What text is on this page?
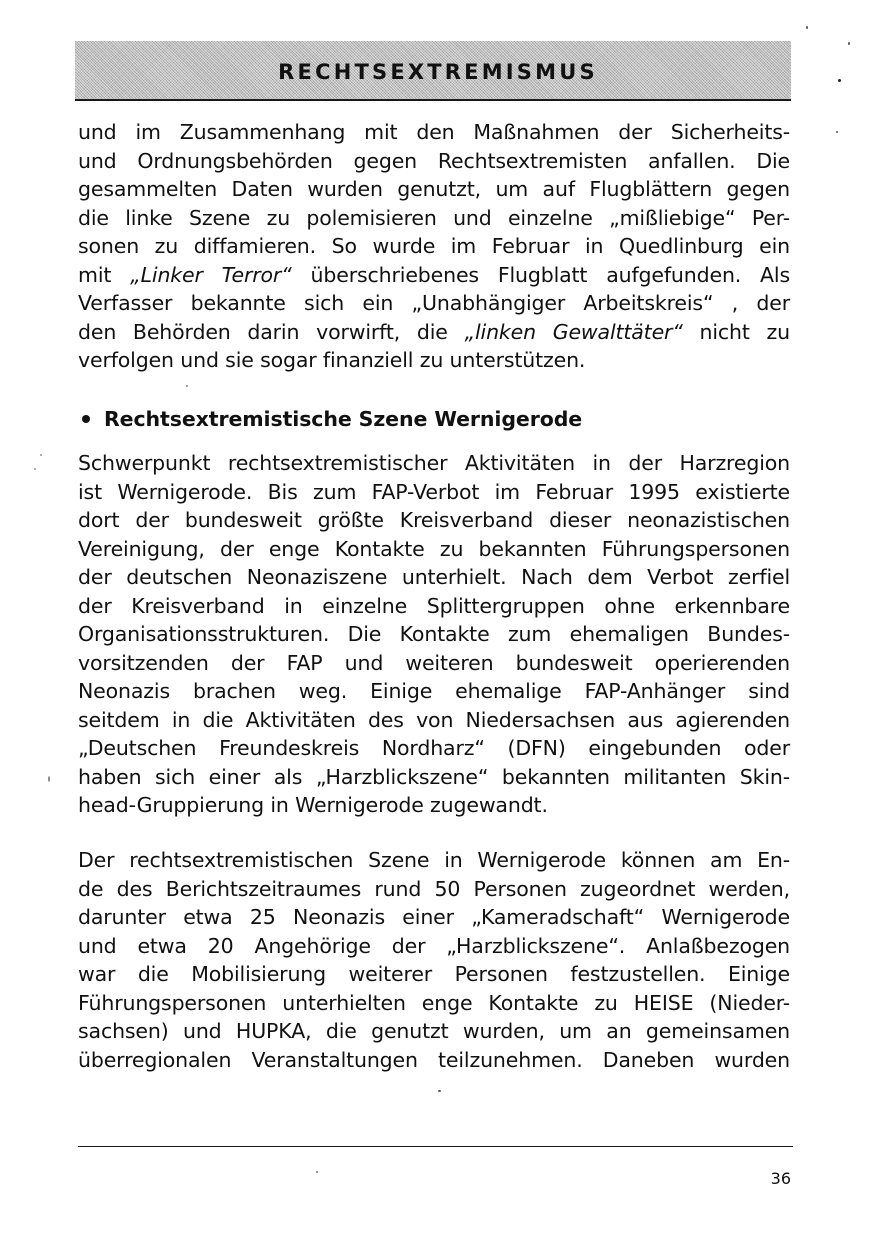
RECHTSEXTREMISMUS
und im Zusammenhang mit den Maßnahmen der Sicherheits-
und Ordnungsbehörden gegen Rechtsextremisten anfallen. Die
gesammelten Daten wurden genutzt, um auf Flugblättern gegen
die linke Szene zu polemisieren und einzelne „mißliebige“ Per-
sonen zu diffamieren. So wurde im Februar in Quedlinburg ein
mit „Linker Terror“ überschriebenes Flugblatt aufgefunden. Als
Verfasser bekannte sich ein „Unabhängiger Arbeitskreis“ , der
den Behörden darin vorwirft, die „linken Gewalttäter“ nicht zu
verfolgen und sie sogar finanziell zu unterstützen.
Rechtsextremistische Szene Wernigerode
Schwerpunkt rechtsextremistischer Aktivitäten in der Harzregion
ist Wernigerode. Bis zum FAP-Verbot im Februar 1995 existierte
dort der bundesweit größte Kreisverband dieser neonazistischen
Vereinigung, der enge Kontakte zu bekannten Führungspersonen
der deutschen Neonaziszene unterhielt. Nach dem Verbot zerfiel
der Kreisverband in einzelne Splittergruppen ohne erkennbare
Organisationsstrukturen. Die Kontakte zum ehemaligen Bundes-
vorsitzenden der FAP und weiteren bundesweit operierenden
Neonazis brachen weg. Einige ehemalige FAP-Anhänger sind
seitdem in die Aktivitäten des von Niedersachsen aus agierenden
„Deutschen Freundeskreis Nordharz“ (DFN) eingebunden oder
haben sich einer als „Harzblickszene“ bekannten militanten Skin-
head-Gruppierung in Wernigerode zugewandt.
Der rechtsextremistischen Szene in Wernigerode können am En-
de des Berichtszeitraumes rund 50 Personen zugeordnet werden,
darunter etwa 25 Neonazis einer „Kameradschaft“ Wernigerode
und etwa 20 Angehörige der „Harzblickszene“. Anlaßbezogen
war die Mobilisierung weiterer Personen festzustellen. Einige
Führungspersonen unterhielten enge Kontakte zu HEISE (Nieder-
sachsen) und HUPKA, die genutzt wurden, um an gemeinsamen
überregionalen Veranstaltungen teilzunehmen. Daneben wurden
36
